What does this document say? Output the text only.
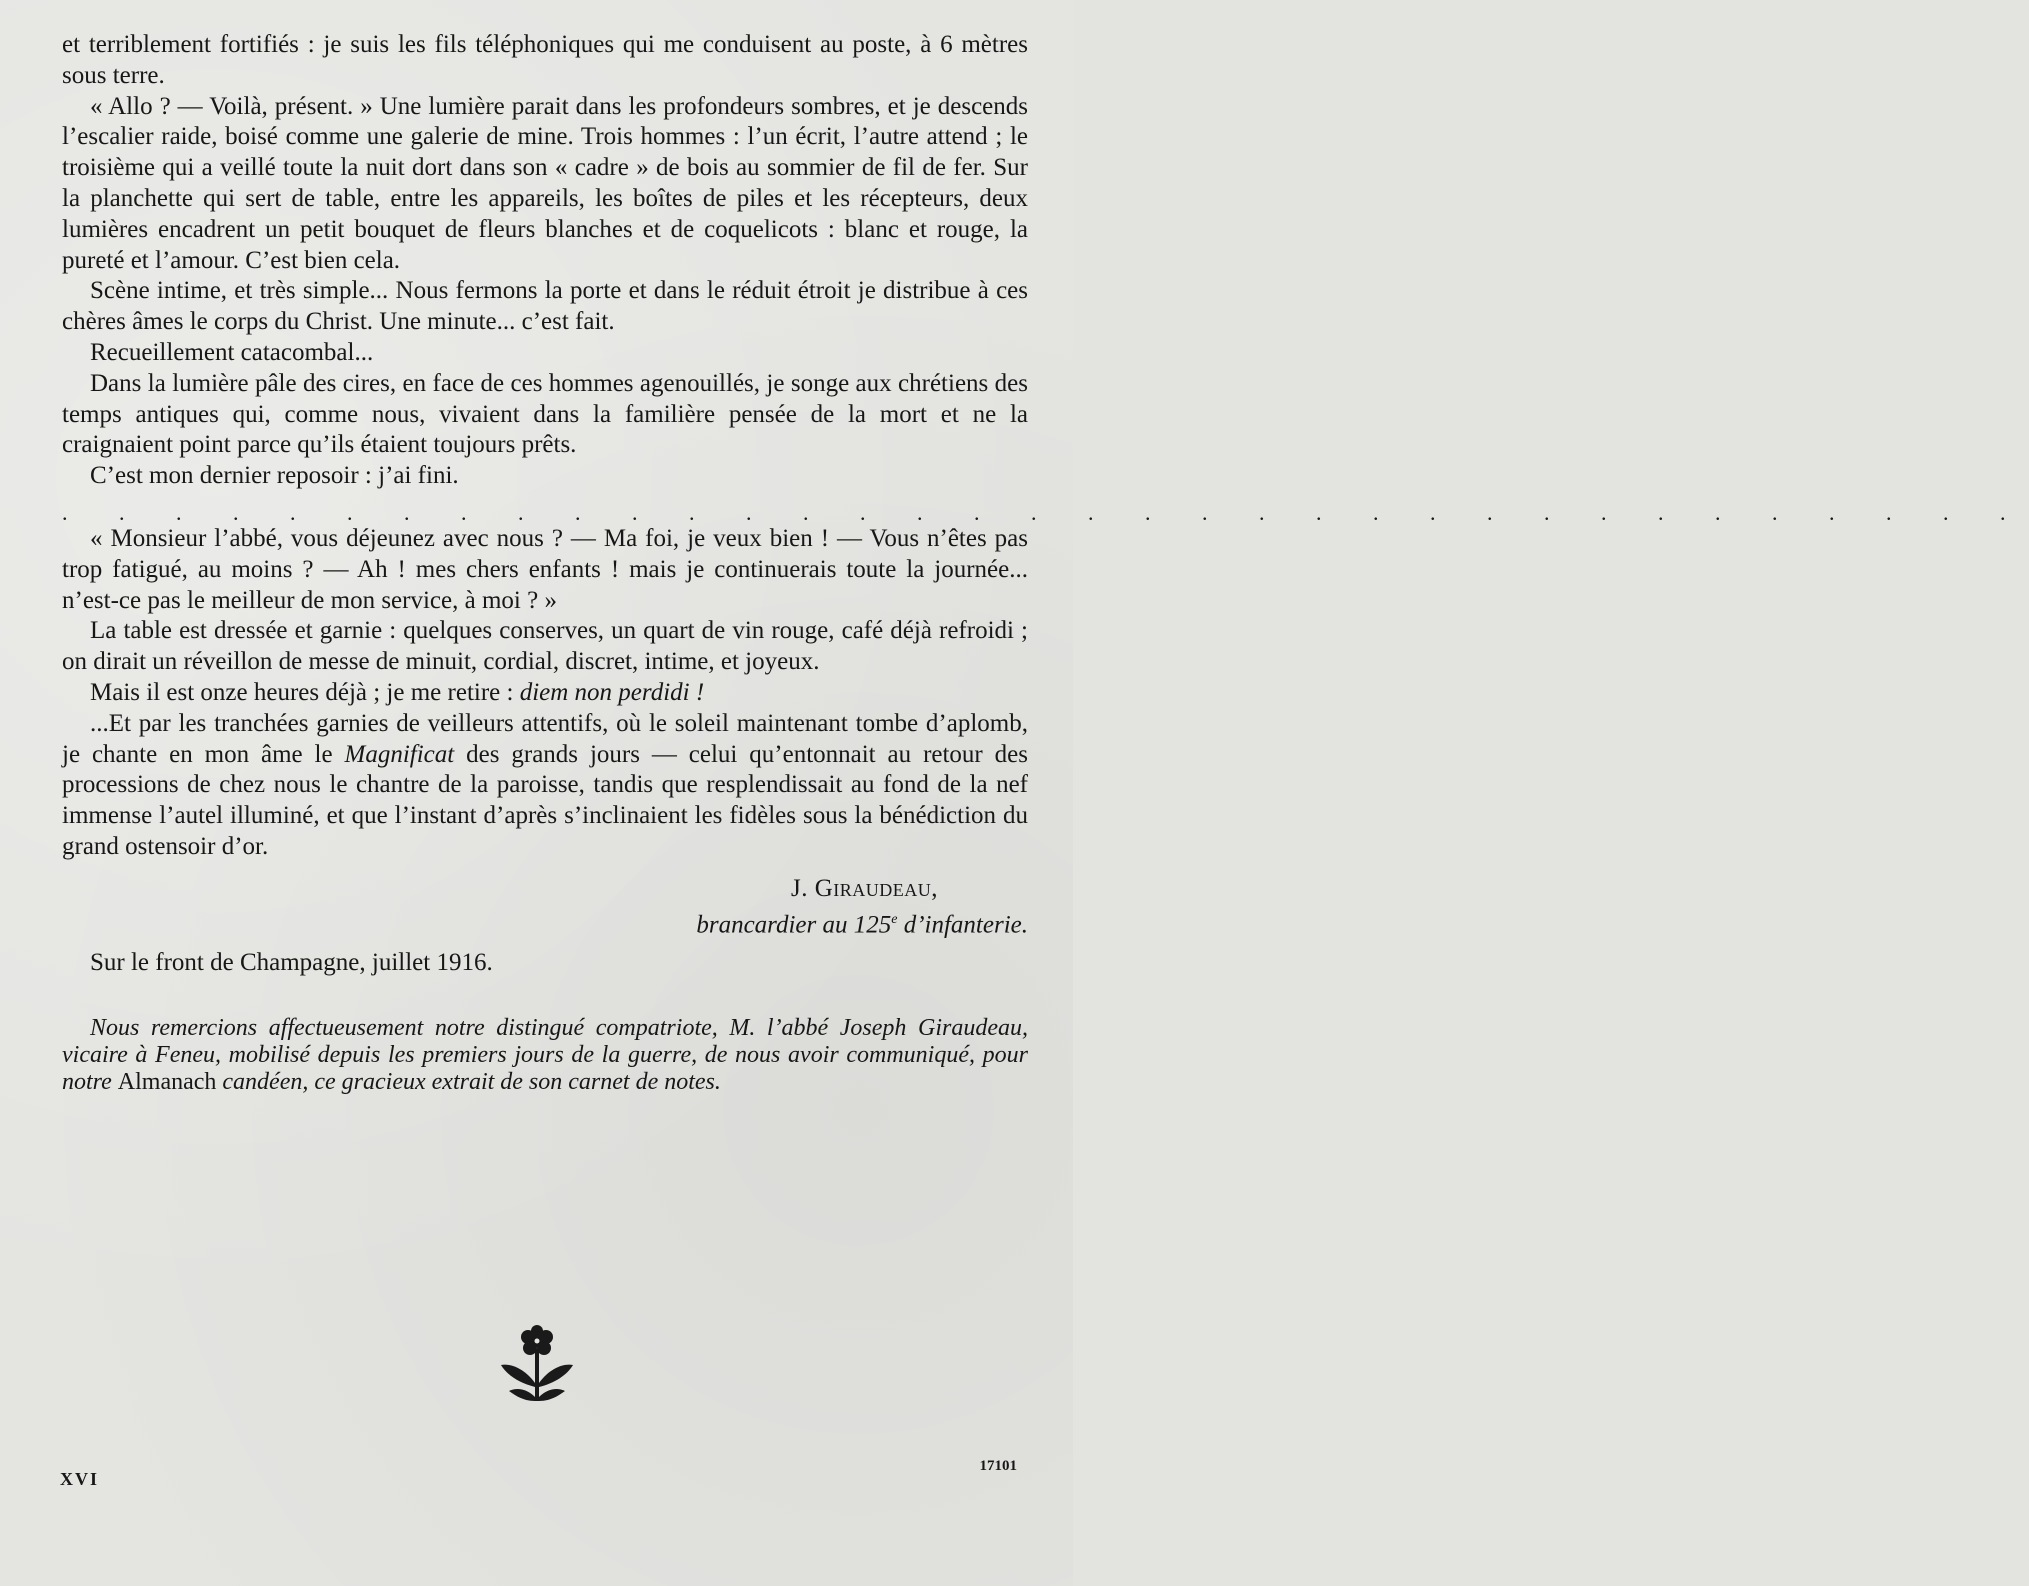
et terriblement fortifiés : je suis les fils téléphoniques qui me conduisent au poste, à 6 mètres sous terre.

« Allo ? — Voilà, présent. » Une lumière parait dans les profondeurs sombres, et je descends l’escalier raide, boisé comme une galerie de mine. Trois hommes : l’un écrit, l’autre attend ; le troisième qui a veillé toute la nuit dort dans son « cadre » de bois au sommier de fil de fer. Sur la planchette qui sert de table, entre les appareils, les boîtes de piles et les récepteurs, deux lumières encadrent un petit bouquet de fleurs blanches et de coquelicots : blanc et rouge, la pureté et l’amour. C’est bien cela.

Scène intime, et très simple... Nous fermons la porte et dans le réduit étroit je distribue à ces chères âmes le corps du Christ. Une minute... c’est fait.

Recueillement catacombal...

Dans la lumière pâle des cires, en face de ces hommes agenouillés, je songe aux chrétiens des temps antiques qui, comme nous, vivaient dans la familière pensée de la mort et ne la craignaient point parce qu’ils étaient toujours prêts.

C’est mon dernier reposoir : j’ai fini.

. . . . . . . . . . . . . . . . . . . . . . . . . . . . . . . . . . .

« Monsieur l’abbé, vous déjeunez avec nous ? — Ma foi, je veux bien ! — Vous n’êtes pas trop fatigué, au moins ? — Ah ! mes chers enfants ! mais je continuerais toute la journée... n’est-ce pas le meilleur de mon service, à moi ? »

La table est dressée et garnie : quelques conserves, un quart de vin rouge, café déjà refroidi ; on dirait un réveillon de messe de minuit, cordial, discret, intime, et joyeux.

Mais il est onze heures déjà ; je me retire : diem non perdidi !

...Et par les tranchées garnies de veilleurs attentifs, où le soleil maintenant tombe d’aplomb, je chante en mon âme le Magnificat des grands jours — celui qu’entonnait au retour des processions de chez nous le chantre de la paroisse, tandis que resplendissait au fond de la nef immense l’autel illuminé, et que l’instant d’après s’inclinaient les fidèles sous la bénédiction du grand ostensoir d’or.

J. Giraudeau,
brancardier au 125e d’infanterie.
Sur le front de Champagne, juillet 1916.
Nous remercions affectueusement notre distingué compatriote, M. l’abbé Joseph Giraudeau, vicaire à Feneu, mobilisé depuis les premiers jours de la guerre, de nous avoir communiqué, pour notre Almanach candéen, ce gracieux extrait de son carnet de notes.
XVI
17101
